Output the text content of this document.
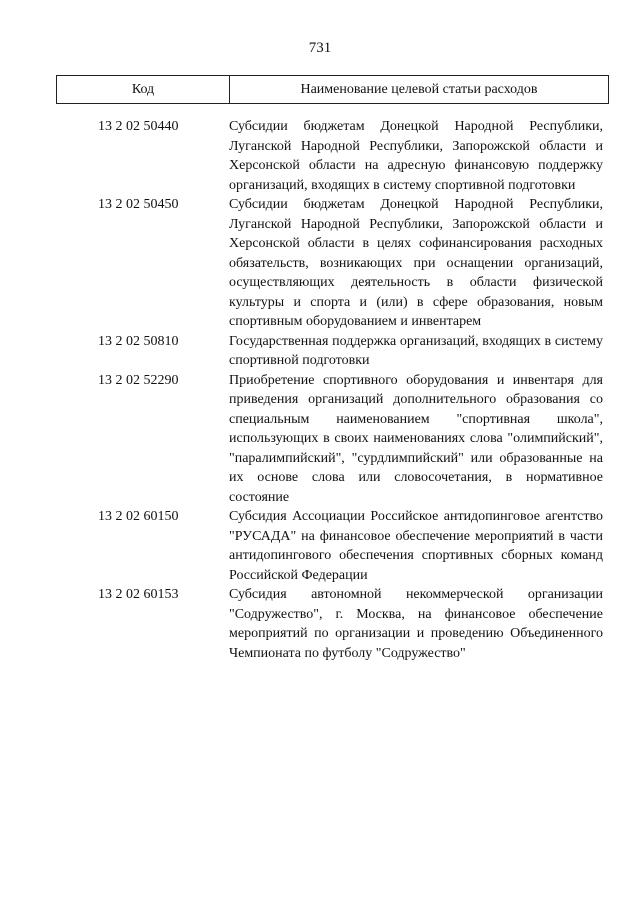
731
Код	Наименование целевой статьи расходов
13 2 02 50440	Субсидии бюджетам Донецкой Народной Республики, Луганской Народной Республики, Запорожской области и Херсонской области на адресную финансовую поддержку организаций, входящих в систему спортивной подготовки
13 2 02 50450	Субсидии бюджетам Донецкой Народной Республики, Луганской Народной Республики, Запорожской области и Херсонской области в целях софинансирования расходных обязательств, возникающих при оснащении организаций, осуществляющих деятельность в области физической культуры и спорта и (или) в сфере образования, новым спортивным оборудованием и инвентарем
13 2 02 50810	Государственная поддержка организаций, входящих в систему спортивной подготовки
13 2 02 52290	Приобретение спортивного оборудования и инвентаря для приведения организаций дополнительного образования со специальным наименованием "спортивная школа", использующих в своих наименованиях слова "олимпийский", "паралимпийский", "сурдлимпийский" или образованные на их основе слова или словосочетания, в нормативное состояние
13 2 02 60150	Субсидия Ассоциации Российское антидопинговое агентство "РУСАДА" на финансовое обеспечение мероприятий в части антидопингового обеспечения спортивных сборных команд Российской Федерации
13 2 02 60153	Субсидия автономной некоммерческой организации "Содружество", г. Москва, на финансовое обеспечение мероприятий по организации и проведению Объединенного Чемпионата по футболу "Содружество"
